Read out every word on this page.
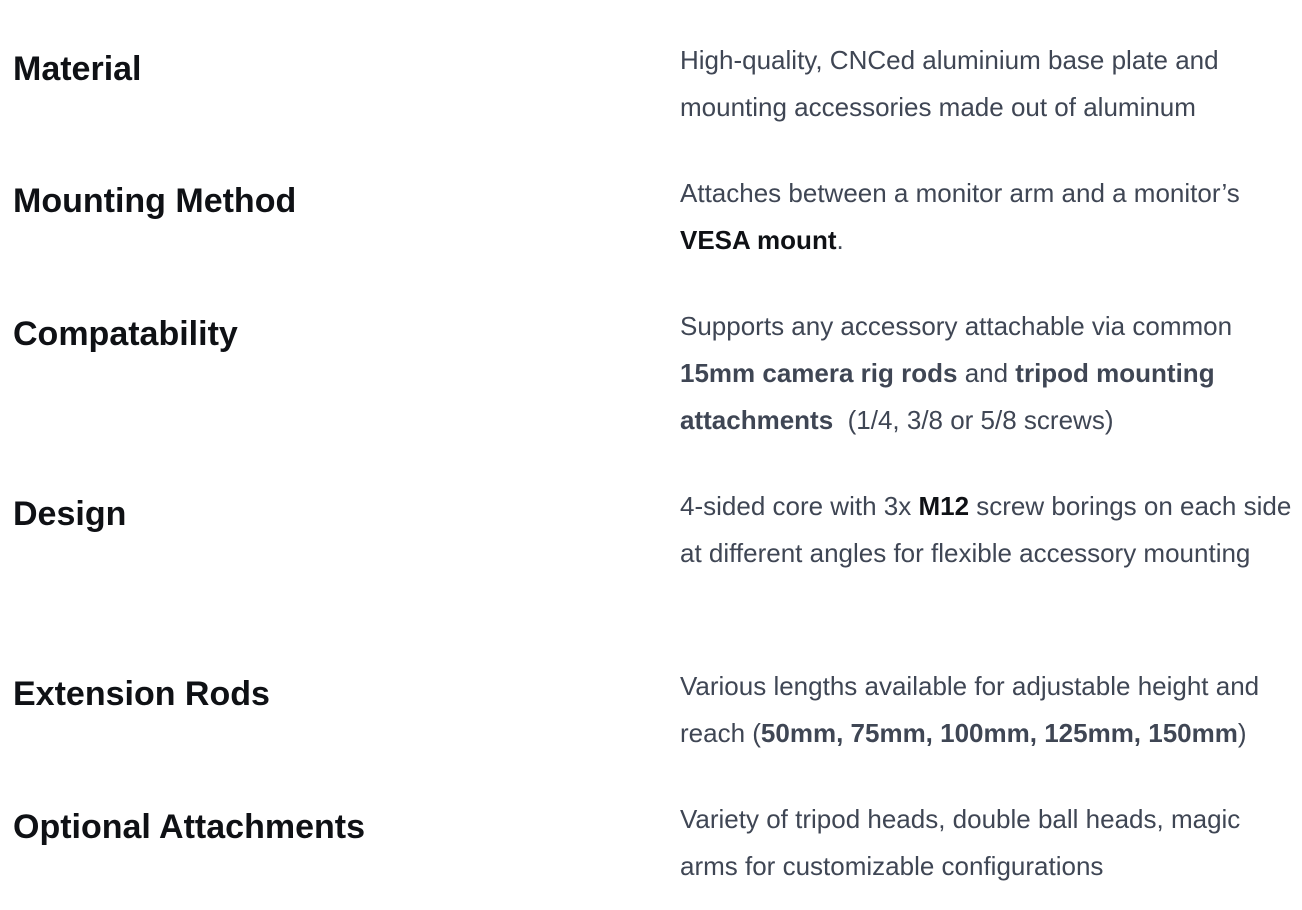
Material	High-quality, CNCed aluminium base plate and mounting accessories made out of aluminum

Mounting Method	Attaches between a monitor arm and a monitor’s VESA mount.

Compatability	Supports any accessory attachable via common 15mm camera rig rods and tripod mounting attachments  (1/4, 3/8 or 5/8 screws)

Design	4-sided core with 3x M12 screw borings on each side at different angles for flexible accessory mounting

Extension Rods	Various lengths available for adjustable height and reach (50mm, 75mm, 100mm, 125mm, 150mm)

Optional Attachments	Variety of tripod heads, double ball heads, magic arms for customizable configurations
